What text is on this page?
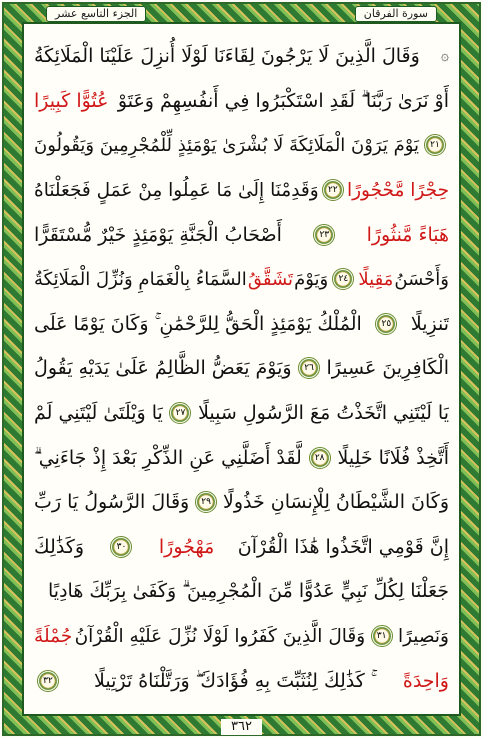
سورة الفرقان
الجزء التاسع عشر
۞
وَقَالَ الَّذِينَ لَا يَرْجُونَ لِقَاءَنَا لَوْلَا أُنزِلَ عَلَيْنَا الْمَلَائِكَةُ
أَوْ نَرَىٰ رَبَّنَا ۗ لَقَدِ اسْتَكْبَرُوا فِي أَنفُسِهِمْ وَعَتَوْ
عُتُوًّا كَبِيرًا
٢١
يَوْمَ يَرَوْنَ الْمَلَائِكَةَ لَا بُشْرَىٰ يَوْمَئِذٍ لِّلْمُجْرِمِينَ وَيَقُولُونَ
حِجْرًا مَّحْجُورًا
٢٢
وَقَدِمْنَا إِلَىٰ مَا عَمِلُوا مِنْ عَمَلٍ فَجَعَلْنَاهُ
هَبَاءً مَّنثُورًا
٢٣
أَصْحَابُ الْجَنَّةِ يَوْمَئِذٍ خَيْرٌ مُّسْتَقَرًّا
وَأَحْسَنُ
مَقِيلًا
٢٤
وَيَوْمَ
تَشَقَّقُ
السَّمَاءُ بِالْغَمَامِ وَنُزِّلَ الْمَلَائِكَةُ
تَنزِيلًا
٢٥
الْمُلْكُ يَوْمَئِذٍ الْحَقُّ لِلرَّحْمَٰنِ ۚ وَكَانَ يَوْمًا عَلَى
الْكَافِرِينَ عَسِيرًا
٢٦
وَيَوْمَ يَعَضُّ الظَّالِمُ عَلَىٰ يَدَيْهِ يَقُولُ
يَا لَيْتَنِي اتَّخَذْتُ مَعَ الرَّسُولِ سَبِيلًا
٢٧
يَا وَيْلَتَىٰ لَيْتَنِي لَمْ
أَتَّخِذْ فُلَانًا خَلِيلًا
٢٨
لَّقَدْ أَضَلَّنِي عَنِ الذِّكْرِ بَعْدَ إِذْ جَاءَنِي ۗ
وَكَانَ الشَّيْطَانُ لِلْإِنسَانِ خَذُولًا
٢٩
وَقَالَ الرَّسُولُ يَا رَبِّ
إِنَّ قَوْمِي اتَّخَذُوا هَٰذَا الْقُرْآنَ
مَهْجُورًا
٣٠
وَكَذَٰلِكَ
جَعَلْنَا لِكُلِّ نَبِيٍّ عَدُوًّا مِّنَ الْمُجْرِمِينَ ۗ وَكَفَىٰ بِرَبِّكَ هَادِيًا
وَنَصِيرًا
٣١
وَقَالَ الَّذِينَ كَفَرُوا لَوْلَا نُزِّلَ عَلَيْهِ الْقُرْآنُ
جُمْلَةً
وَاحِدَةً
ۚ كَذَٰلِكَ لِنُثَبِّتَ بِهِ فُؤَادَكَ ۖ وَرَتَّلْنَاهُ تَرْتِيلًا
٣٢
٣٦٢
